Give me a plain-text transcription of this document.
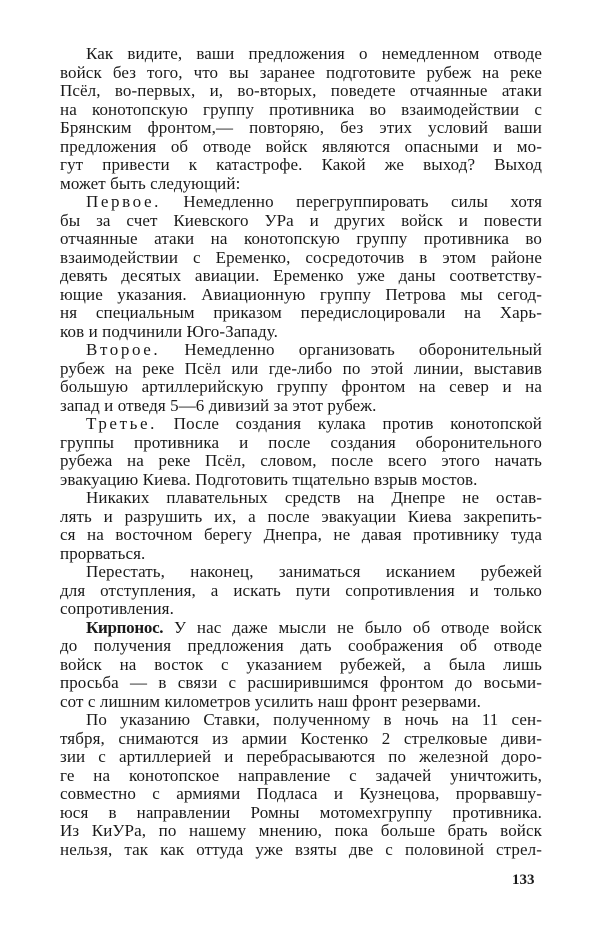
Как видите, ваши предложения о немедленном отводе
войск без того, что вы заранее подготовите рубеж на реке
Псёл, во-первых, и, во-вторых, поведете отчаянные атаки
на конотопскую группу противника во взаимодействии с
Брянским фронтом,— повторяю, без этих условий ваши
предложения об отводе войск являются опасными и мо-
гут привести к катастрофе. Какой же выход? Выход
может быть следующий:
Первое. Немедленно перегруппировать силы хотя
бы за счет Киевского УРа и других войск и повести
отчаянные атаки на конотопскую группу противника во
взаимодействии с Еременко, сосредоточив в этом районе
девять десятых авиации. Еременко уже даны соответству-
ющие указания. Авиационную группу Петрова мы сегод-
ня специальным приказом передислоцировали на Харь-
ков и подчинили Юго-Западу.
Второе. Немедленно организовать оборонительный
рубеж на реке Псёл или где-либо по этой линии, выставив
большую артиллерийскую группу фронтом на север и на
запад и отведя 5—6 дивизий за этот рубеж.
Третье. После создания кулака против конотопской
группы противника и после создания оборонительного
рубежа на реке Псёл, словом, после всего этого начать
эвакуацию Киева. Подготовить тщательно взрыв мостов.
Никаких плавательных средств на Днепре не остав-
лять и разрушить их, а после эвакуации Киева закрепить-
ся на восточном берегу Днепра, не давая противнику туда
прорваться.
Перестать, наконец, заниматься исканием рубежей
для отступления, а искать пути сопротивления и только
сопротивления.
Кирпонос. У нас даже мысли не было об отводе войск
до получения предложения дать соображения об отводе
войск на восток с указанием рубежей, а была лишь
просьба — в связи с расширившимся фронтом до восьми-
сот с лишним километров усилить наш фронт резервами.
По указанию Ставки, полученному в ночь на 11 сен-
тября, снимаются из армии Костенко 2 стрелковые диви-
зии с артиллерией и перебрасываются по железной доро-
ге на конотопское направление с задачей уничтожить,
совместно с армиями Подласа и Кузнецова, прорвавшу-
юся в направлении Ромны мотомехгруппу противника.
Из КиУРа, по нашему мнению, пока больше брать войск
нельзя, так как оттуда уже взяты две с половиной стрел-
133
